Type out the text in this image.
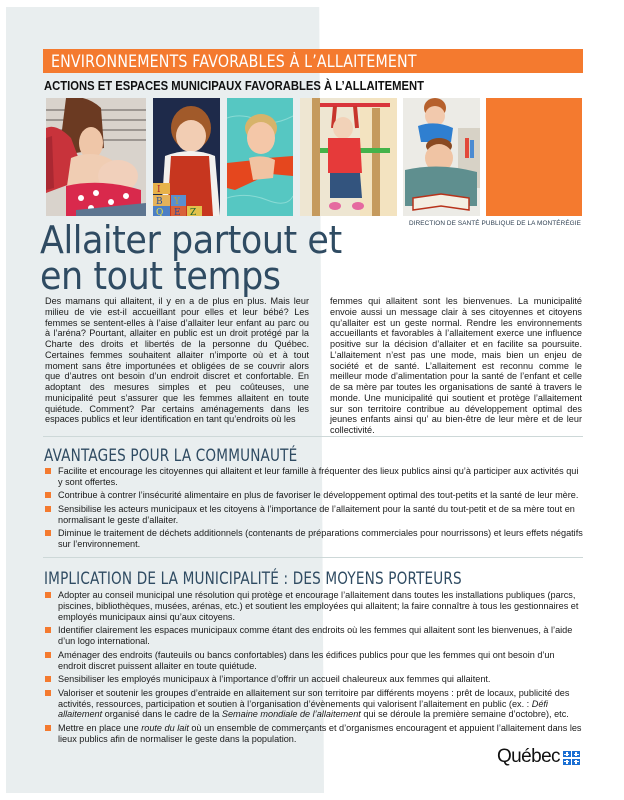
ENVIRONNEMENTS FAVORABLES À L’ALLAITEMENT
ACTIONS ET ESPACES MUNICIPAUX FAVORABLES À L’ALLAITEMENT
I
B Y
Q E Z
DIRECTION DE SANTÉ PUBLIQUE DE LA MONTÉRÉGIE
Allaiter partout et
en tout temps
Des mamans qui allaitent, il y en a de plus en plus. Mais leur milieu de vie est-il accueillant pour elles et leur bébé? Les femmes se sentent-elles à l’aise d’allaiter leur enfant au parc ou à l’aréna? Pourtant, allaiter en public est un droit protégé par la Charte des droits et libertés de la personne du Québec. Certaines femmes souhaitent allaiter n’importe où et à tout moment sans être importunées et obligées de se couvrir alors que d’autres ont besoin d’un endroit discret et confortable. En adoptant des mesures simples et peu coûteuses, une municipalité peut s’assurer que les femmes allaitent en toute quiétude. Comment? Par certains aménagements dans les espaces publics et leur identification en tant qu’endroits où les
femmes qui allaitent sont les bienvenues. La municipalité envoie aussi un message clair à ses citoyennes et citoyens qu’allaiter est un geste normal. Rendre les environnements accueillants et favorables à l’allaitement exerce une influence positive sur la décision d’allaiter et en facilite sa poursuite. L’allaitement n’est pas une mode, mais bien un enjeu de société et de santé. L’allaitement est reconnu comme le meilleur mode d’alimentation pour la santé de l’enfant et celle de sa mère par toutes les organisations de santé à travers le monde. Une municipalité qui soutient et protège l’allaitement sur son territoire contribue au développement optimal des jeunes enfants ainsi qu’ au bien-être de leur mère et de leur collectivité.
AVANTAGES POUR LA COMMUNAUTÉ
Facilite et encourage les citoyennes qui allaitent et leur famille à fréquenter des lieux publics ainsi qu’à participer aux activités qui y sont offertes.
Contribue à contrer l’insécurité alimentaire en plus de favoriser le développement optimal des tout-petits et la santé de leur mère.
Sensibilise les acteurs municipaux et les citoyens à l’importance de l’allaitement pour la santé du tout-petit et de sa mère tout en normalisant le geste d’allaiter.
Diminue le traitement de déchets additionnels (contenants de préparations commerciales pour nourrissons) et leurs effets négatifs sur l’environnement.
IMPLICATION DE LA MUNICIPALITÉ : DES MOYENS PORTEURS
Adopter au conseil municipal une résolution qui protège et encourage l’allaitement dans toutes les installations publiques (parcs, piscines, bibliothèques, musées, arénas, etc.) et soutient les employées qui allaitent; la faire connaître à tous les gestionnaires et employés municipaux ainsi qu’aux citoyens.
Identifier clairement les espaces municipaux comme étant des endroits où les femmes qui allaitent sont les bienvenues, à l’aide d’un logo international.
Aménager des endroits (fauteuils ou bancs confortables) dans les édifices publics pour que les femmes qui ont besoin d’un endroit discret puissent allaiter en toute quiétude.
Sensibiliser les employés municipaux à l’importance d’offrir un accueil chaleureux aux femmes qui allaitent.
Valoriser et soutenir les groupes d’entraide en allaitement sur son territoire par différents moyens : prêt de locaux, publicité des activités, ressources, participation et soutien à l’organisation d’évènements qui valorisent l’allaitement en public (ex. : Défi allaitement organisé dans le cadre de la Semaine mondiale de l’allaitement qui se déroule la première semaine d’octobre), etc.
Mettre en place une route du lait où un ensemble de commerçants et d’organismes encouragent et appuient l’allaitement dans les lieux publics afin de normaliser le geste dans la population.
Québec
